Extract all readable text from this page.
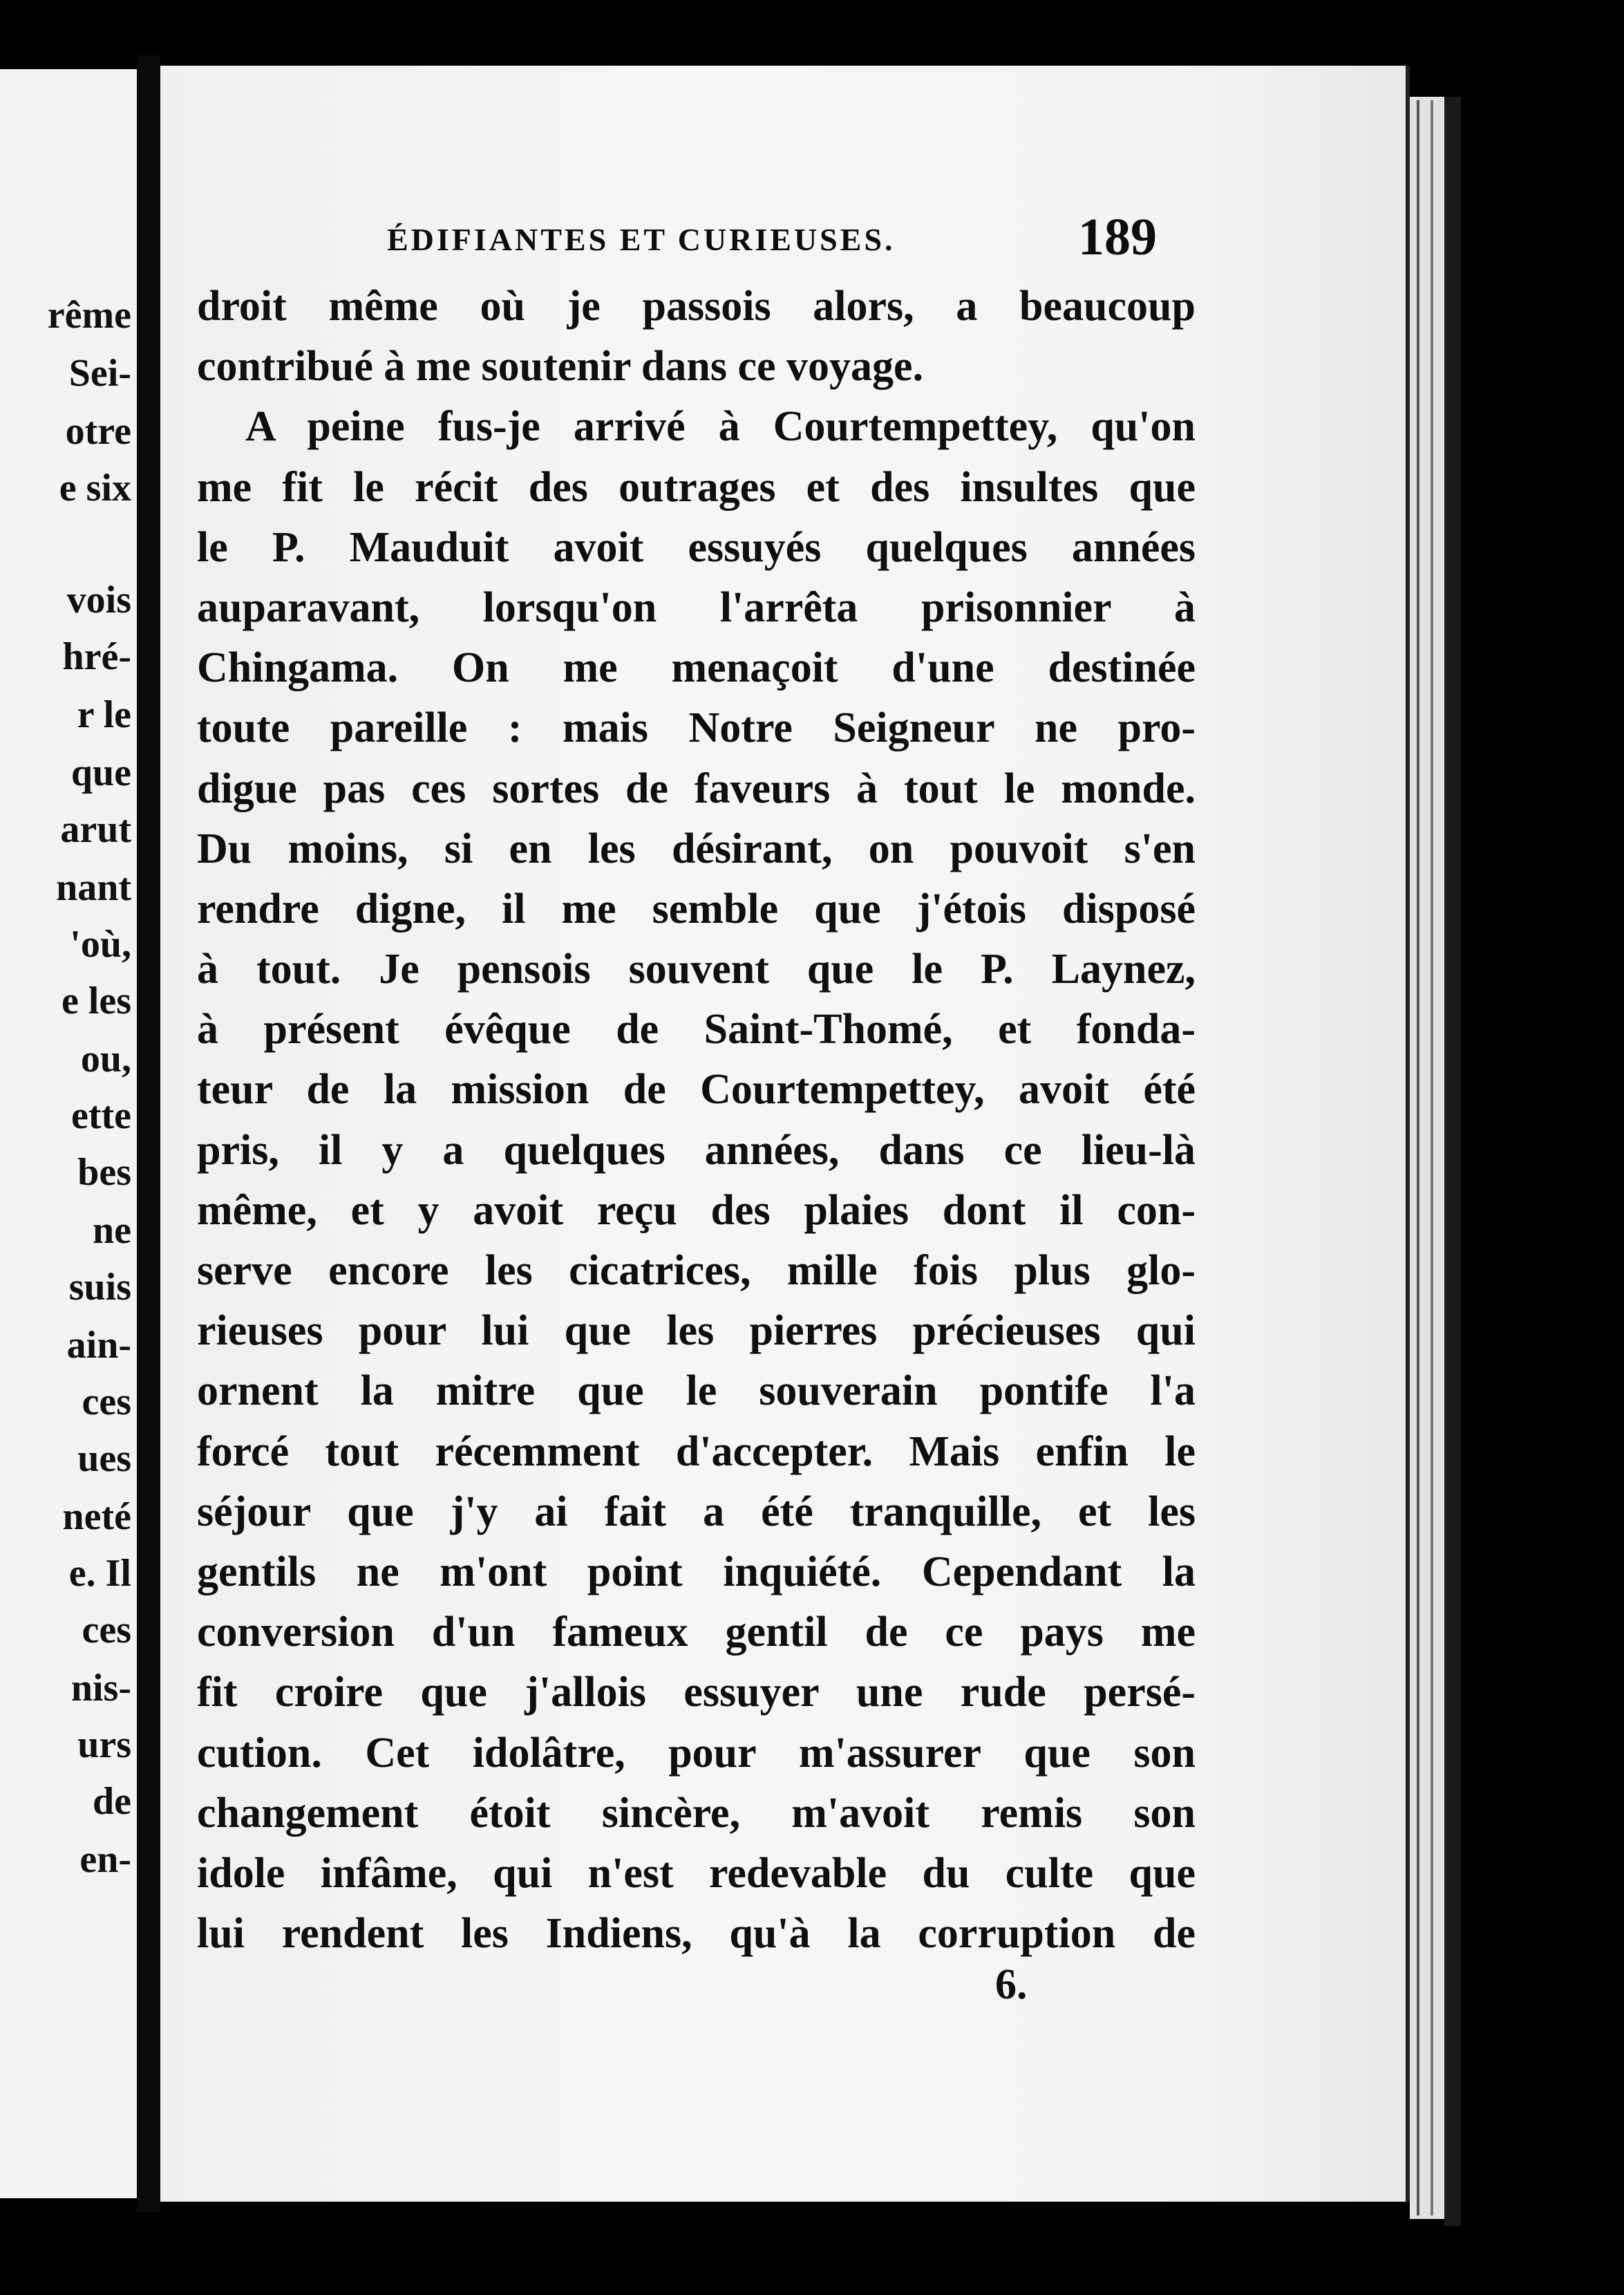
rême
Sei-
otre
e six
vois
hré-
r le
que
arut
nant
'où,
e les
ou,
ette
bes
ne
suis
ain-
ces
ues
neté
e. Il
ces
nis-
urs
de
en-
ÉDIFIANTES ET CURIEUSES.	189
droit même où je passois alors, a beaucoup
contribué à me soutenir dans ce voyage.
A peine fus-je arrivé à Courtempettey, qu'on
me fit le récit des outrages et des insultes que
le P. Mauduit avoit essuyés quelques années
auparavant, lorsqu'on l'arrêta prisonnier à
Chingama. On me menaçoit d'une destinée
toute pareille : mais Notre Seigneur ne pro-
digue pas ces sortes de faveurs à tout le monde.
Du moins, si en les désirant, on pouvoit s'en
rendre digne, il me semble que j'étois disposé
à tout. Je pensois souvent que le P. Laynez,
à présent évêque de Saint-Thomé, et fonda-
teur de la mission de Courtempettey, avoit été
pris, il y a quelques années, dans ce lieu-là
même, et y avoit reçu des plaies dont il con-
serve encore les cicatrices, mille fois plus glo-
rieuses pour lui que les pierres précieuses qui
ornent la mitre que le souverain pontife l'a
forcé tout récemment d'accepter. Mais enfin le
séjour que j'y ai fait a été tranquille, et les
gentils ne m'ont point inquiété. Cependant la
conversion d'un fameux gentil de ce pays me
fit croire que j'allois essuyer une rude persé-
cution. Cet idolâtre, pour m'assurer que son
changement étoit sincère, m'avoit remis son
idole infâme, qui n'est redevable du culte que
lui rendent les Indiens, qu'à la corruption de
6.
